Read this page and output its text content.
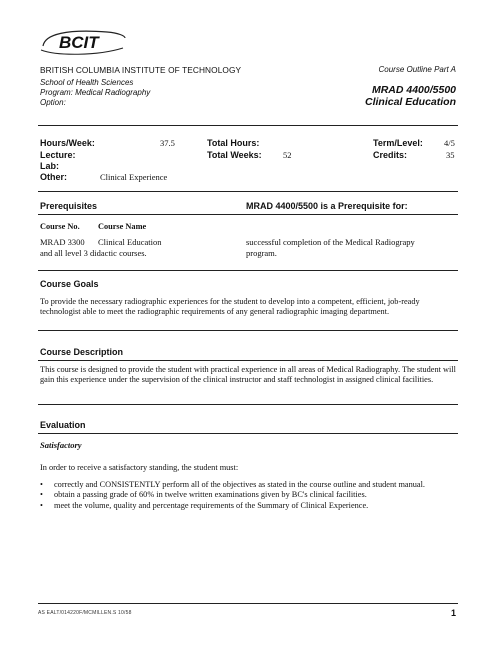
BCIT
BRITISH COLUMBIA INSTITUTE OF TECHNOLOGY
School of Health Sciences
Program: Medical Radiography
Option:
Course Outline Part A
MRAD 4400/5500
Clinical Education
Hours/Week:	37.5
Lecture:
Lab:
Other:	Clinical Experience
Total Hours:
Total Weeks:	52
Term/Level: 4/5
Credits:	35
Prerequisites	MRAD 4400/5500 is a Prerequisite for:
Course No. Course Name
MRAD 3300 Clinical Education
and all level 3 didactic courses.
successful completion of the Medical Radiograpy
program.
Course Goals
To provide the necessary radiographic experiences for the student to develop into a competent, efficient, job-ready technologist able to meet the radiographic requirements of any general radiographic imaging department.
Course Description
This course is designed to provide the student with practical experience in all areas of Medical Radiography. The student will gain this experience under the supervision of the clinical instructor and staff technologist in assigned clinical facilities.
Evaluation
Satisfactory
In order to receive a satisfactory standing, the student must:
• correctly and CONSISTENTLY perform all of the objectives as stated in the course outline and student manual.
• obtain a passing grade of 60% in twelve written examinations given by BC's clinical facilities.
• meet the volume, quality and percentage requirements of the Summary of Clinical Experience.
AS EALT/014220F/MCMILLEN.S 10/58	1
